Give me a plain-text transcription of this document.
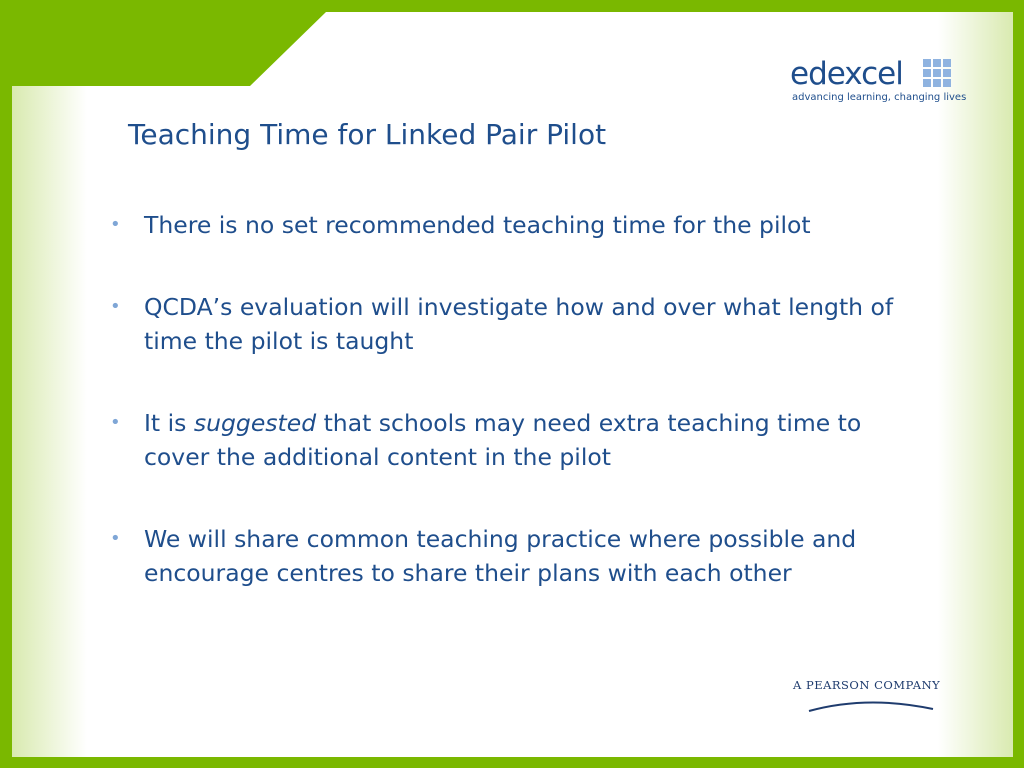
edexcel
advancing learning, changing lives
Teaching Time for Linked Pair Pilot
• There is no set recommended teaching time for the pilot
• QCDA’s evaluation will investigate how and over what length of time the pilot is taught
• It is suggested that schools may need extra teaching time to cover the additional content in the pilot
• We will share common teaching practice where possible and encourage centres to share their plans with each other
A PEARSON COMPANY
